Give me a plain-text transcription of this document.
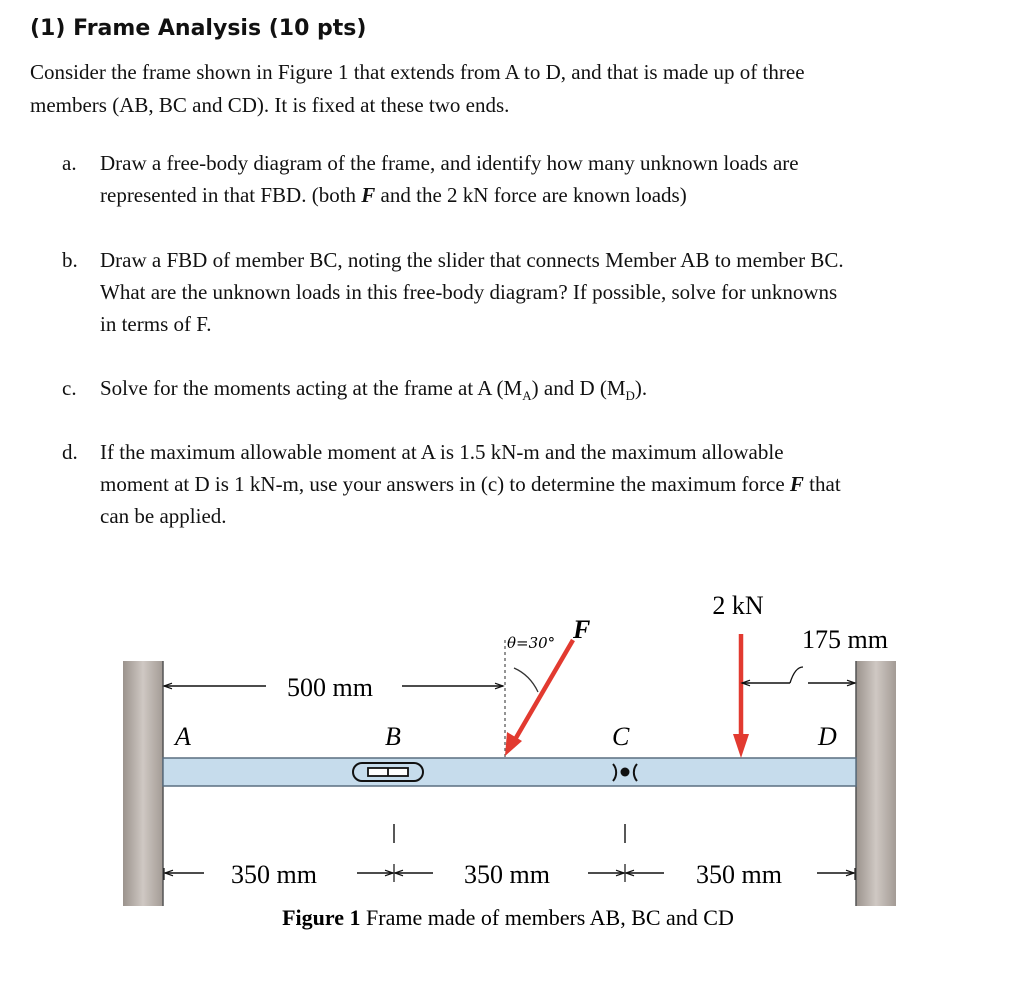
(1) Frame Analysis (10 pts)
Consider the frame shown in Figure 1 that extends from A to D, and that is made up of three
members (AB, BC and CD). It is fixed at these two ends.
a. Draw a free-body diagram of the frame, and identify how many unknown loads are
represented in that FBD. (both F and the 2 kN force are known loads)
b. Draw a FBD of member BC, noting the slider that connects Member AB to member BC.
What are the unknown loads in this free-body diagram? If possible, solve for unknowns
in terms of F.
c. Solve for the moments acting at the frame at A $(M_A)$ and D $(M_D)$.
d. If the maximum allowable moment at A is 1.5 kN-m and the maximum allowable
moment at D is 1 kN-m, use your answers in (c) to determine the maximum force F that
can be applied.
500 mm
θ=30° F
2 kN
175 mm
A	B	C	D
350 mm	350 mm	350 mm
Figure 1 Frame made of members AB, BC and CD
